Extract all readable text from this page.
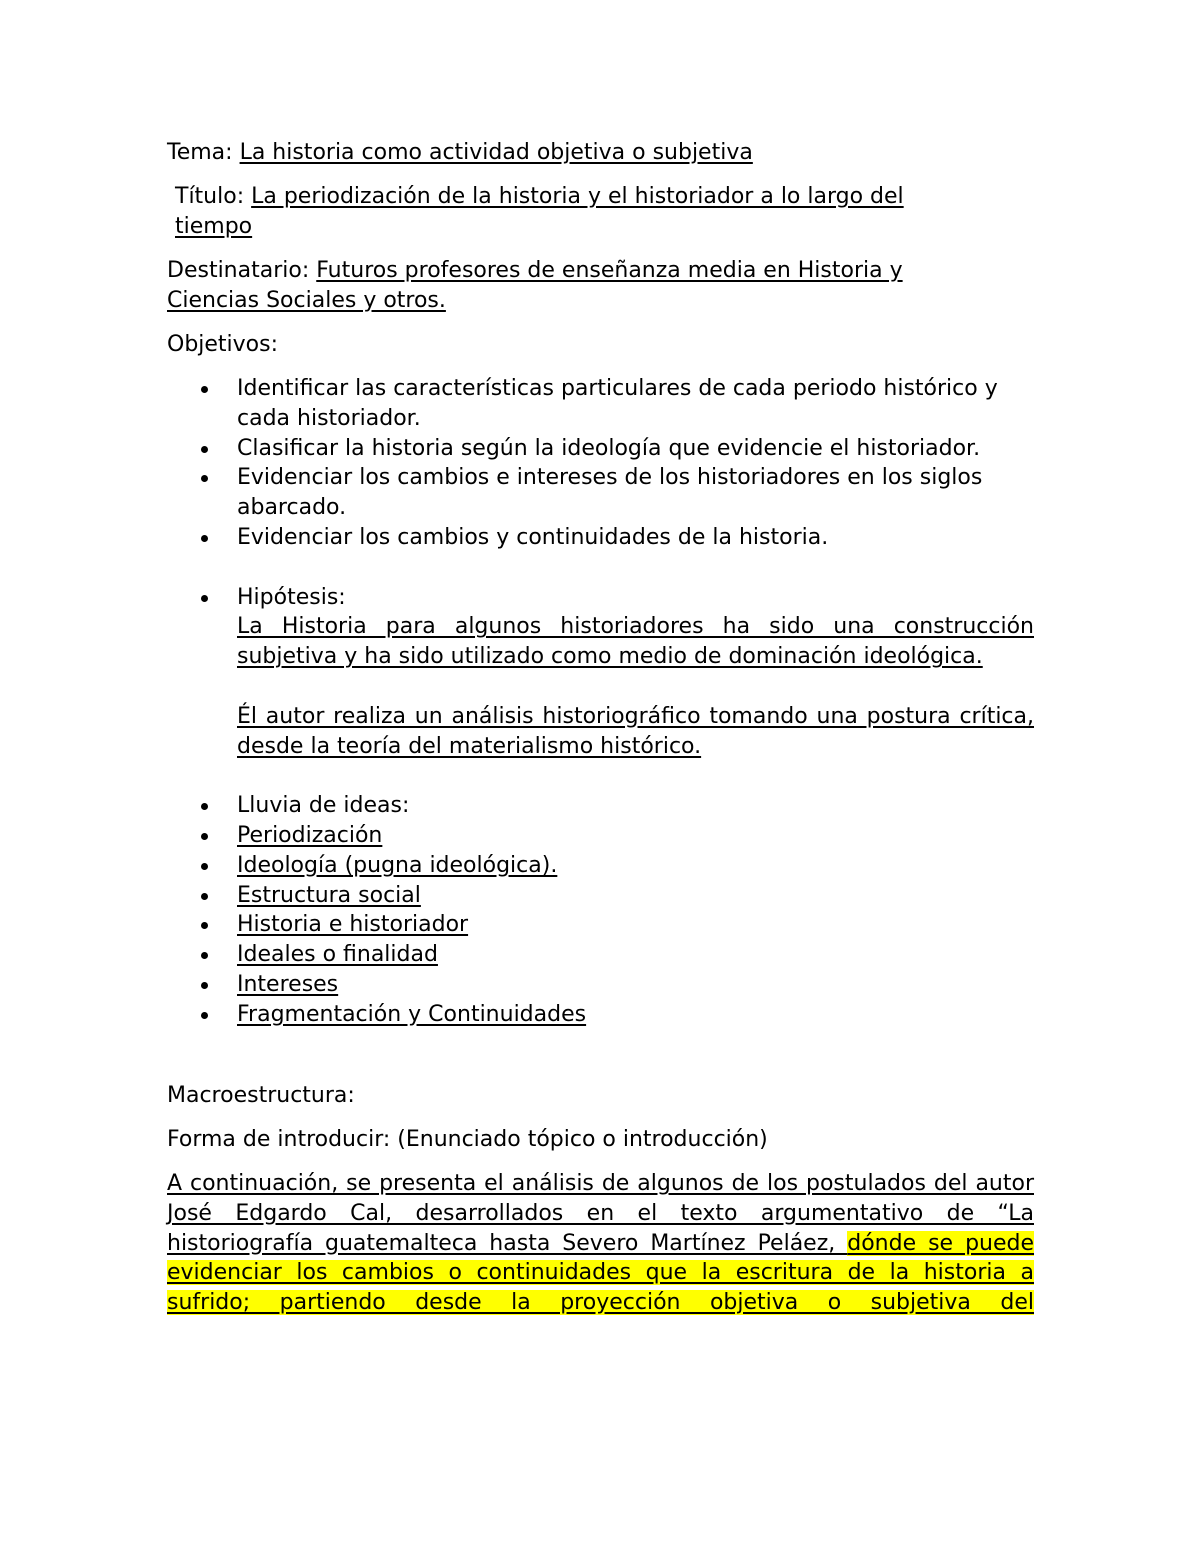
Tema: La historia como actividad objetiva o subjetiva
Título: La periodización de la historia y el historiador a lo largo del tiempo
Destinatario: Futuros profesores de enseñanza media en Historia y Ciencias Sociales y otros.
Objetivos:
Identificar las características particulares de cada periodo histórico y cada historiador.
Clasificar la historia según la ideología que evidencie el historiador.
Evidenciar los cambios e intereses de los historiadores en los siglos abarcado.
Evidenciar los cambios y continuidades de la historia.
Hipótesis:
La Historia para algunos historiadores ha sido una construcción subjetiva y ha sido utilizado como medio de dominación ideológica.
Él autor realiza un análisis historiográfico tomando una postura crítica, desde la teoría del materialismo histórico.
Lluvia de ideas:
Periodización
Ideología (pugna ideológica).
Estructura social
Historia e historiador
Ideales o finalidad
Intereses
Fragmentación y Continuidades
Macroestructura:
Forma de introducir: (Enunciado tópico o introducción)
A continuación, se presenta el análisis de algunos de los postulados del autor José Edgardo Cal, desarrollados en el texto argumentativo de “La historiografía guatemalteca hasta Severo Martínez Peláez, dónde se puede evidenciar los cambios o continuidades que la escritura de la historia a sufrido; partiendo desde la proyección objetiva o subjetiva del
